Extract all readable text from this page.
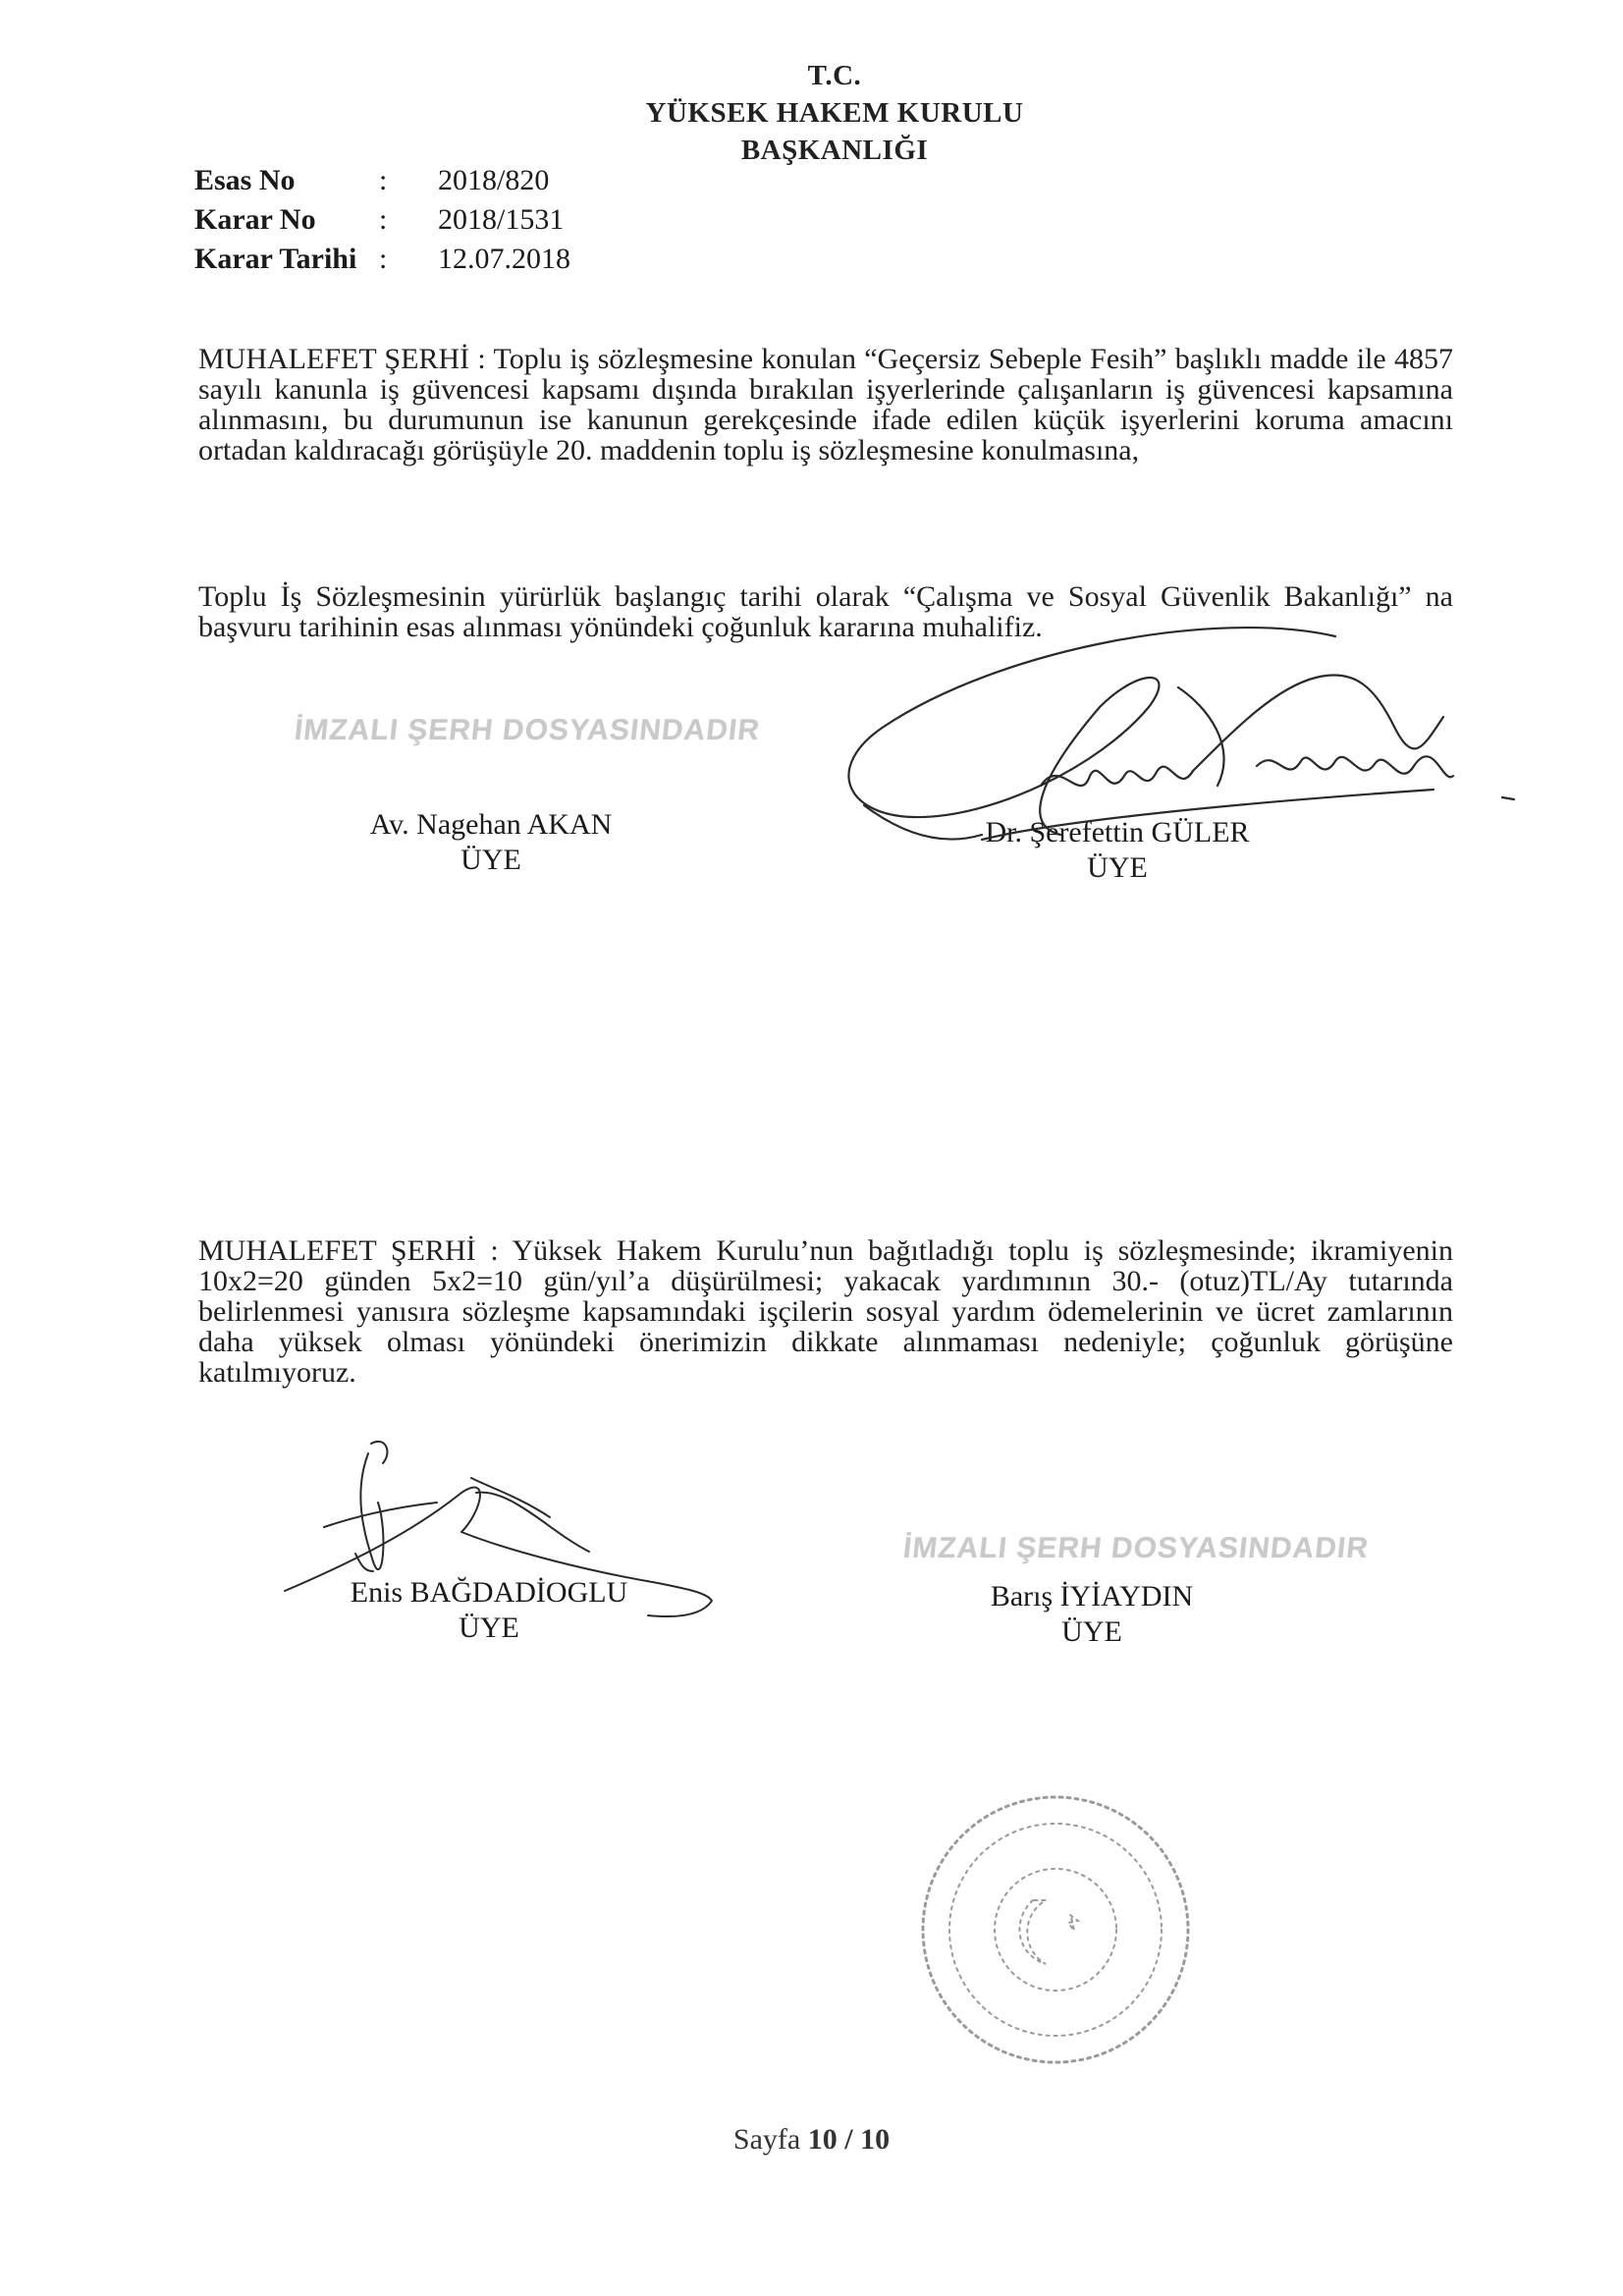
T.C.
YÜKSEK HAKEM KURULU
BAŞKANLIĞI
Esas No	:	2018/820
Karar No	:	2018/1531
Karar Tarihi :	12.07.2018
MUHALEFET ŞERHİ : Toplu iş sözleşmesine konulan “Geçersiz Sebeple Fesih” başlıklı madde ile 4857 sayılı kanunla iş güvencesi kapsamı dışında bırakılan işyerlerinde çalışanların iş güvencesi kapsamına alınmasını, bu durumunun ise kanunun gerekçesinde ifade edilen küçük işyerlerini koruma amacını ortadan kaldıracağı görüşüyle 20. maddenin toplu iş sözleşmesine konulmasına,
Toplu İş Sözleşmesinin yürürlük başlangıç tarihi olarak “Çalışma ve Sosyal Güvenlik Bakanlığı” na başvuru tarihinin esas alınması yönündeki çoğunluk kararına muhalifiz.
İMZALI ŞERH DOSYASINDADIR
Av. Nagehan AKAN
ÜYE
Dr. Şerefettin GÜLER
ÜYE
MUHALEFET ŞERHİ : Yüksek Hakem Kurulu’nun bağıtladığı toplu iş sözleşmesinde; ikramiyenin 10x2=20 günden 5x2=10 gün/yıl’a düşürülmesi; yakacak yardımının 30.- (otuz)TL/Ay tutarında belirlenmesi yanısıra sözleşme kapsamındaki işçilerin sosyal yardım ödemelerinin ve ücret zamlarının daha yüksek olması yönündeki önerimizin dikkate alınmaması nedeniyle; çoğunluk görüşüne katılmıyoruz.
Enis BAĞDADİOGLU
ÜYE
İMZALI ŞERH DOSYASINDADIR
Barış İYİAYDIN
ÜYE
Sayfa 10 / 10
